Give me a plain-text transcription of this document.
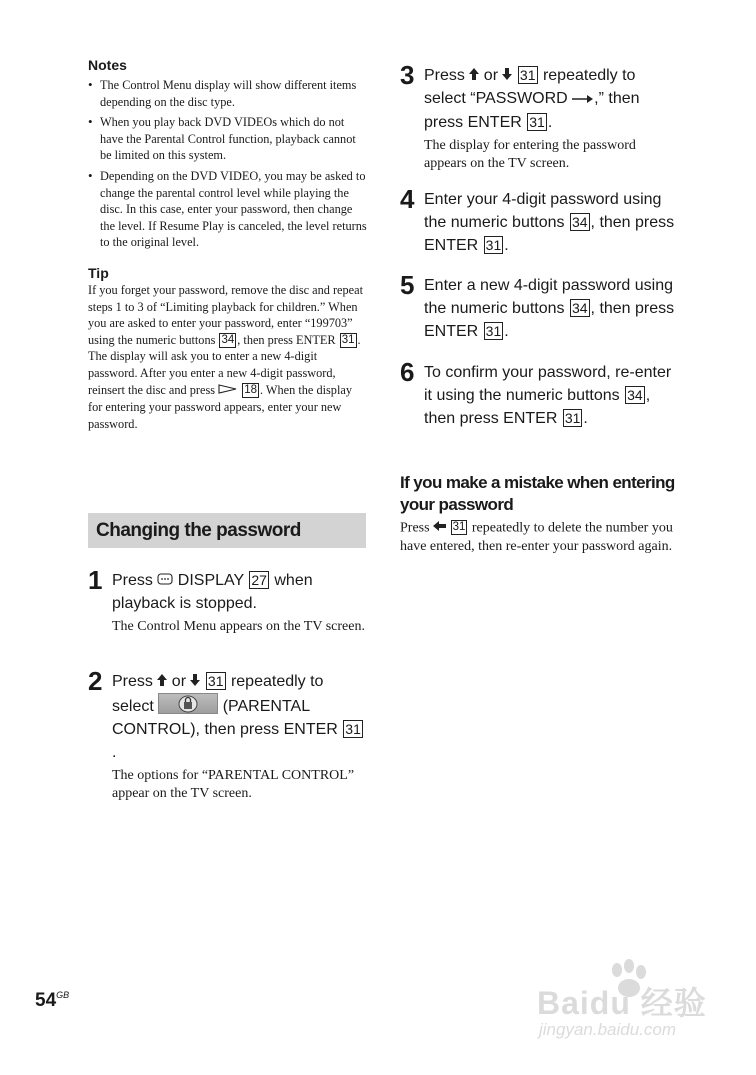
Notes
• The Control Menu display will show different items depending on the disc type.
• When you play back DVD VIDEOs which do not have the Parental Control function, playback cannot be limited on this system.
• Depending on the DVD VIDEO, you may be asked to change the parental control level while playing the disc. In this case, enter your password, then change the level. If Resume Play is canceled, the level returns to the original level.
Tip

If you forget your password, remove the disc and repeat steps 1 to 3 of “Limiting playback for children.” When you are asked to enter your password, enter “199703” using the numeric buttons 34 , then press ENTER 31 . The display will ask you to enter a new 4-digit password. After you enter a new 4-digit password, reinsert the disc and press  18 . When the display for entering your password appears, enter your new password.

Changing the password
1 Press  DISPLAY 27 when playback is stopped.
The Control Menu appears on the TV screen.
2 Press  or  31 repeatedly to select	(PARENTAL CONTROL), then press ENTER 31.
The options for “PARENTAL CONTROL” appear on the TV screen.
3 Press  or  31 repeatedly to select “PASSWORD ,” then press ENTER 31 .
The display for entering the password appears on the TV screen.
4 Enter your 4-digit password using the numeric buttons 34 , then press ENTER 31 .
5 Enter a new 4-digit password using the numeric buttons 34 , then press ENTER 31 .
6 To confirm your password, re-enter it using the numeric buttons 34 , then press ENTER 31 .
If you make a mistake when entering your password
Press  31 repeatedly to delete the number you have entered, then re-enter your password again.
$54^{GB}$	Baidu 经验
jingyan.baidu.com
